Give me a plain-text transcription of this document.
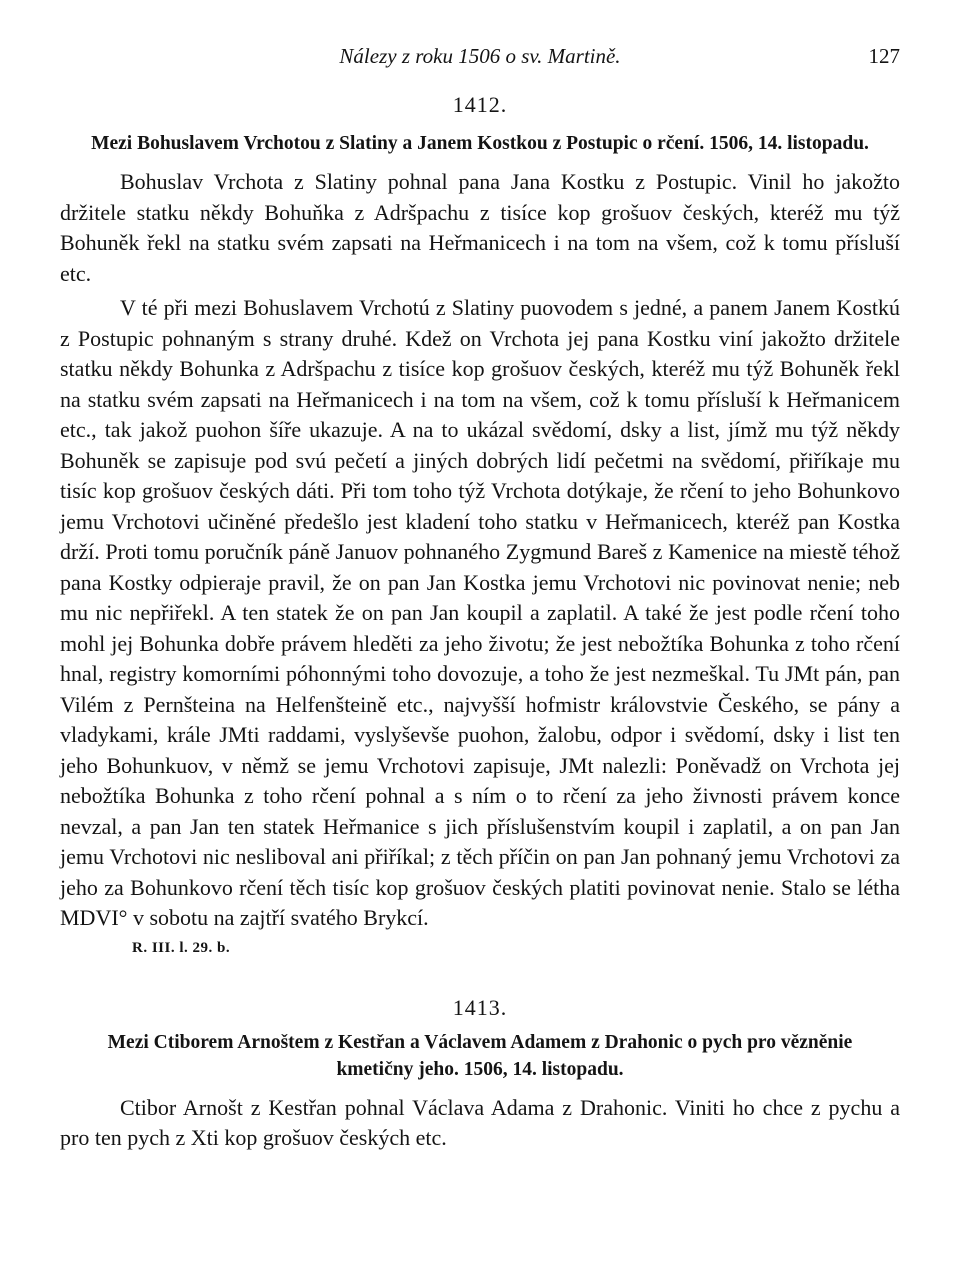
Nálezy z roku 1506 o sv. Martině.	127
1412.
Mezi Bohuslavem Vrchotou z Slatiny a Janem Kostkou z Postupic o rčení. 1506, 14. listopadu.

Bohuslav Vrchota z Slatiny pohnal pana Jana Kostku z Postupic. Vinil ho jakožto držitele statku někdy Bohuňka z Adršpachu z tisíce kop grošuov českých, kteréž mu týž Bohuněk řekl na statku svém zapsati na Heřmanicech i na tom na všem, což k tomu přísluší etc.

V té při mezi Bohuslavem Vrchotú z Slatiny puovodem s jedné, a panem Janem Kostkú z Postupic pohnaným s strany druhé. Kdež on Vrchota jej pana Kostku viní jakožto držitele statku někdy Bohunka z Adršpachu z tisíce kop grošuov českých, kteréž mu týž Bohuněk řekl na statku svém zapsati na Heřmanicech i na tom na všem, což k tomu přísluší k Heřmanicem etc., tak jakož puohon šíře ukazuje. A na to ukázal svědomí, dsky a list, jímž mu týž někdy Bohuněk se zapisuje pod svú pečetí a jiných dobrých lidí pečetmi na svědomí, přiříkaje mu tisíc kop grošuov českých dáti. Při tom toho týž Vrchota dotýkaje, že rčení to jeho Bohunkovo jemu Vrchotovi učiněné předešlo jest kladení toho statku v Heřmanicech, kteréž pan Kostka drží. Proti tomu poručník páně Januov pohnaného Zygmund Bareš z Kamenice na miestě téhož pana Kostky odpieraje pravil, že on pan Jan Kostka jemu Vrchotovi nic povinovat nenie; neb mu nic nepřiřekl. A ten statek že on pan Jan koupil a zaplatil. A také že jest podle rčení toho mohl jej Bohunka dobře právem hleděti za jeho životu; že jest nebožtíka Bohunka z toho rčení hnal, registry komorními póhonnými toho dovozuje, a toho že jest nezmeškal. Tu JMt pán, pan Vilém z Pernšteina na Helfenšteině etc., najvyšší hofmistr královstvie Českého, se pány a vladykami, krále JMti raddami, vyslyševše puohon, žalobu, odpor i svědomí, dsky i list ten jeho Bohunkuov, v němž se jemu Vrchotovi zapisuje, JMt nalezli: Poněvadž on Vrchota jej nebožtíka Bohunka z toho rčení pohnal a s ním o to rčení za jeho živnosti právem konce nevzal, a pan Jan ten statek Heřmanice s jich příslušenstvím koupil i zaplatil, a on pan Jan jemu Vrchotovi nic nesliboval ani přiříkal; z těch příčin on pan Jan pohnaný jemu Vrchotovi za jeho za Bohunkovo rčení těch tisíc kop grošuov českých platiti povinovat nenie. Stalo se létha MDVI° v sobotu na zajtří svatého Brykcí.

R. III. l. 29. b.
1413.
Mezi Ctiborem Arnoštem z Kestřan a Václavem Adamem z Drahonic o pych pro vězněnie kmetičny jeho. 1506, 14. listopadu.

Ctibor Arnošt z Kestřan pohnal Václava Adama z Drahonic. Viniti ho chce z pychu a pro ten pych z Xti kop grošuov českých etc.
